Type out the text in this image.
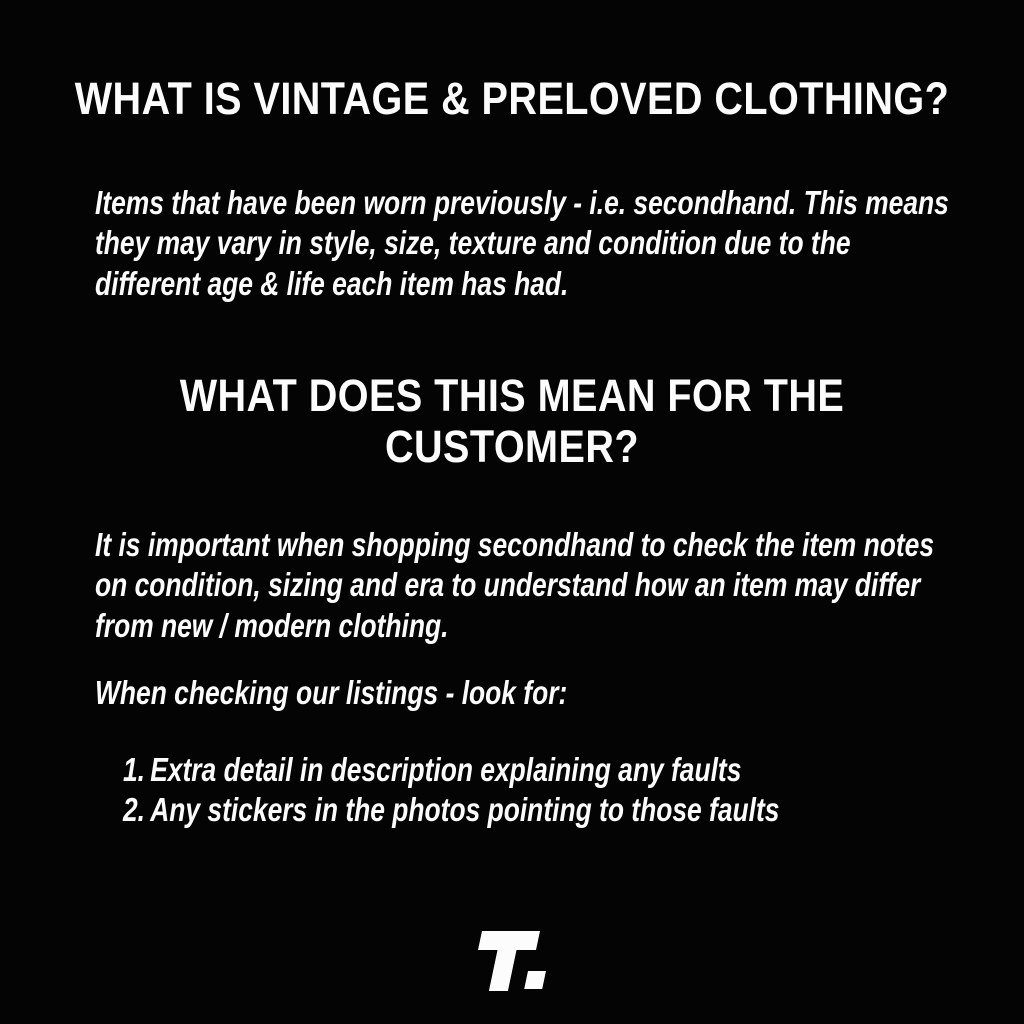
WHAT IS VINTAGE & PRELOVED CLOTHING?

Items that have been worn previously - i.e. secondhand. This means they may vary in style, size, texture and condition due to the different age & life each item has had.

WHAT DOES THIS MEAN FOR THE CUSTOMER?

It is important when shopping secondhand to check the item notes on condition, sizing and era to understand how an item may differ from new / modern clothing.

When checking our listings - look for:

1. Extra detail in description explaining any faults
2. Any stickers in the photos pointing to those faults
